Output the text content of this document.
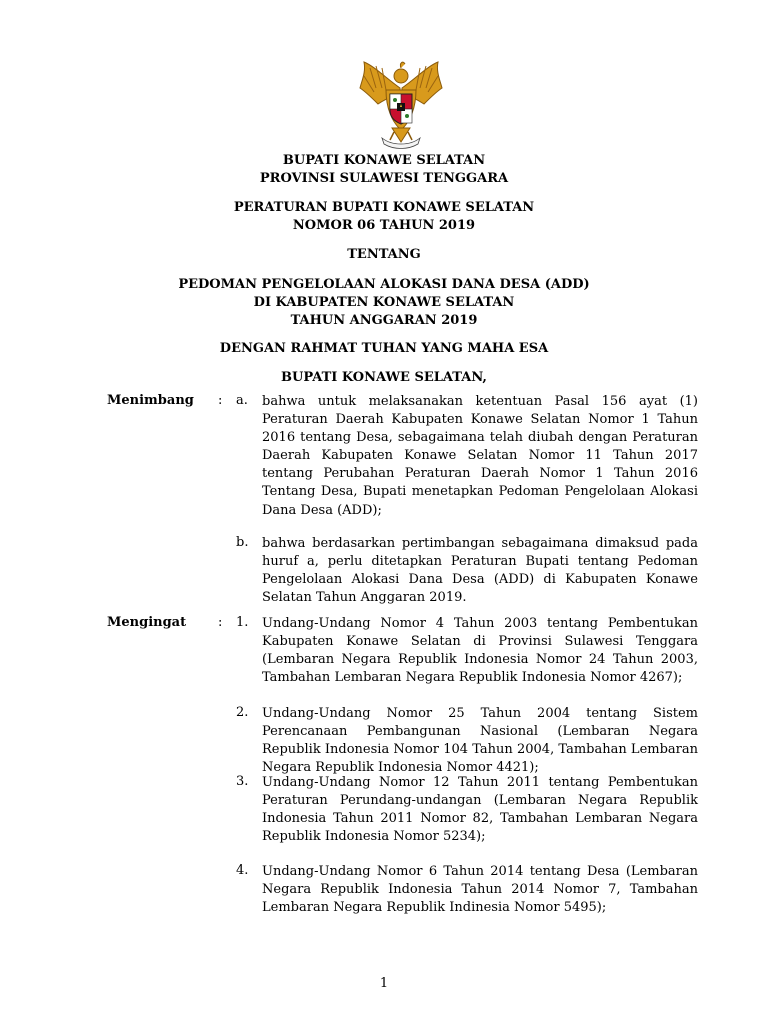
BUPATI KONAWE SELATAN
PROVINSI SULAWESI TENGGARA
PERATURAN BUPATI KONAWE SELATAN
NOMOR 06 TAHUN 2019
TENTANG
PEDOMAN PENGELOLAAN ALOKASI DANA DESA (ADD)
DI KABUPATEN KONAWE SELATAN
TAHUN ANGGARAN 2019
DENGAN RAHMAT TUHAN YANG MAHA ESA
BUPATI KONAWE SELATAN,
Menimbang : a.	bahwa untuk melaksanakan ketentuan Pasal 156 ayat (1) Peraturan Daerah Kabupaten Konawe Selatan Nomor 1 Tahun 2016 tentang Desa, sebagaimana telah diubah dengan Peraturan Daerah Kabupaten Konawe Selatan Nomor 11 Tahun 2017 tentang Perubahan Peraturan Daerah Nomor 1 Tahun 2016 Tentang Desa, Bupati menetapkan Pedoman Pengelolaan Alokasi Dana Desa (ADD);
b.	bahwa berdasarkan pertimbangan sebagaimana dimaksud pada huruf a, perlu ditetapkan Peraturan Bupati tentang Pedoman Pengelolaan Alokasi Dana Desa (ADD) di Kabupaten Konawe Selatan Tahun Anggaran 2019.
Mengingat : 1.	Undang-Undang Nomor 4 Tahun 2003 tentang Pembentukan Kabupaten Konawe Selatan di Provinsi Sulawesi Tenggara (Lembaran Negara Republik Indonesia Nomor 24 Tahun 2003, Tambahan Lembaran Negara Republik Indonesia Nomor 4267);
2.	Undang-Undang Nomor 25 Tahun 2004 tentang Sistem Perencanaan Pembangunan Nasional (Lembaran Negara Republik Indonesia Nomor 104 Tahun 2004, Tambahan Lembaran Negara Republik Indonesia Nomor 4421);
3.	Undang-Undang Nomor 12 Tahun 2011 tentang Pembentukan Peraturan Perundang-undangan (Lembaran Negara Republik Indonesia Tahun 2011 Nomor 82, Tambahan Lembaran Negara Republik Indonesia Nomor 5234);
4.	Undang-Undang Nomor 6 Tahun 2014 tentang Desa (Lembaran Negara Republik Indonesia Tahun 2014 Nomor 7, Tambahan Lembaran Negara Republik Indinesia Nomor 5495);
1
